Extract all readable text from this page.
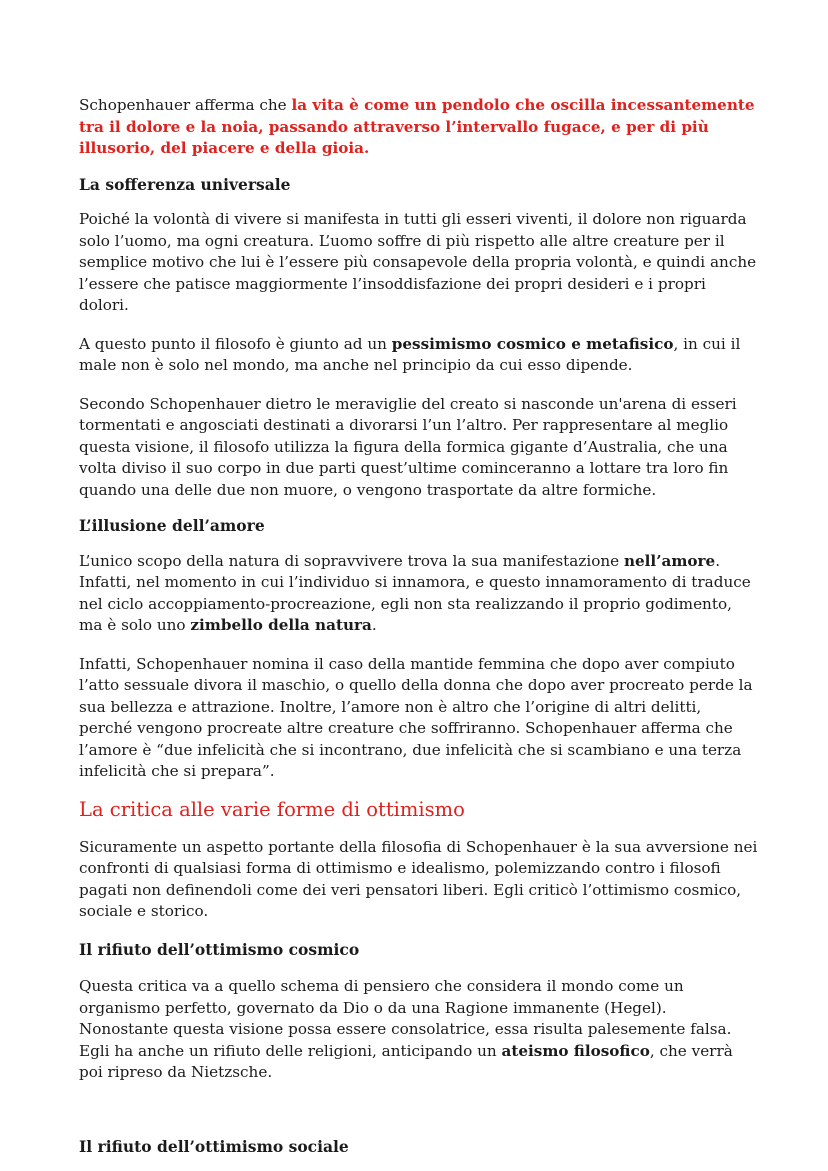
Schopenhauer afferma che la vita è come un pendolo che oscilla incessantemente tra il dolore e la noia, passando attraverso l’intervallo fugace, e per di più illusorio, del piacere e della gioia.

La sofferenza universale

Poiché la volontà di vivere si manifesta in tutti gli esseri viventi, il dolore non riguarda solo l’uomo, ma ogni creatura. L’uomo soffre di più rispetto alle altre creature per il semplice motivo che lui è l’essere più consapevole della propria volontà, e quindi anche l’essere che patisce maggiormente l’insoddisfazione dei propri desideri e i propri dolori.

A questo punto il filosofo è giunto ad un pessimismo cosmico e metafisico, in cui il male non è solo nel mondo, ma anche nel principio da cui esso dipende.

Secondo Schopenhauer dietro le meraviglie del creato si nasconde un'arena di esseri tormentati e angosciati destinati a divorarsi l’un l’altro. Per rappresentare al meglio questa visione, il filosofo utilizza la figura della formica gigante d’Australia, che una volta diviso il suo corpo in due parti quest’ultime cominceranno a lottare tra loro fin quando una delle due non muore, o vengono trasportate da altre formiche.

L’illusione dell’amore

L’unico scopo della natura di sopravvivere trova la sua manifestazione nell’amore. Infatti, nel momento in cui l’individuo si innamora, e questo innamoramento di traduce nel ciclo accoppiamento-procreazione, egli non sta realizzando il proprio godimento, ma è solo uno zimbello della natura.

Infatti, Schopenhauer nomina il caso della mantide femmina che dopo aver compiuto l’atto sessuale divora il maschio, o quello della donna che dopo aver procreato perde la sua bellezza e attrazione. Inoltre, l’amore non è altro che l’origine di altri delitti, perché vengono procreate altre creature che soffriranno. Schopenhauer afferma che l’amore è “due infelicità che si incontrano, due infelicità che si scambiano e una terza infelicità che si prepara”.

La critica alle varie forme di ottimismo

Sicuramente un aspetto portante della filosofia di Schopenhauer è la sua avversione nei confronti di qualsiasi forma di ottimismo e idealismo, polemizzando contro i filosofi pagati non definendoli come dei veri pensatori liberi. Egli criticò l’ottimismo cosmico, sociale e storico.

Il rifiuto dell’ottimismo cosmico

Questa critica va a quello schema di pensiero che considera il mondo come un organismo perfetto, governato da Dio o da una Ragione immanente (Hegel). Nonostante questa visione possa essere consolatrice, essa risulta palesemente falsa. Egli ha anche un rifiuto delle religioni, anticipando un ateismo filosofico, che verrà poi ripreso da Nietzsche.

Il rifiuto dell’ottimismo sociale
